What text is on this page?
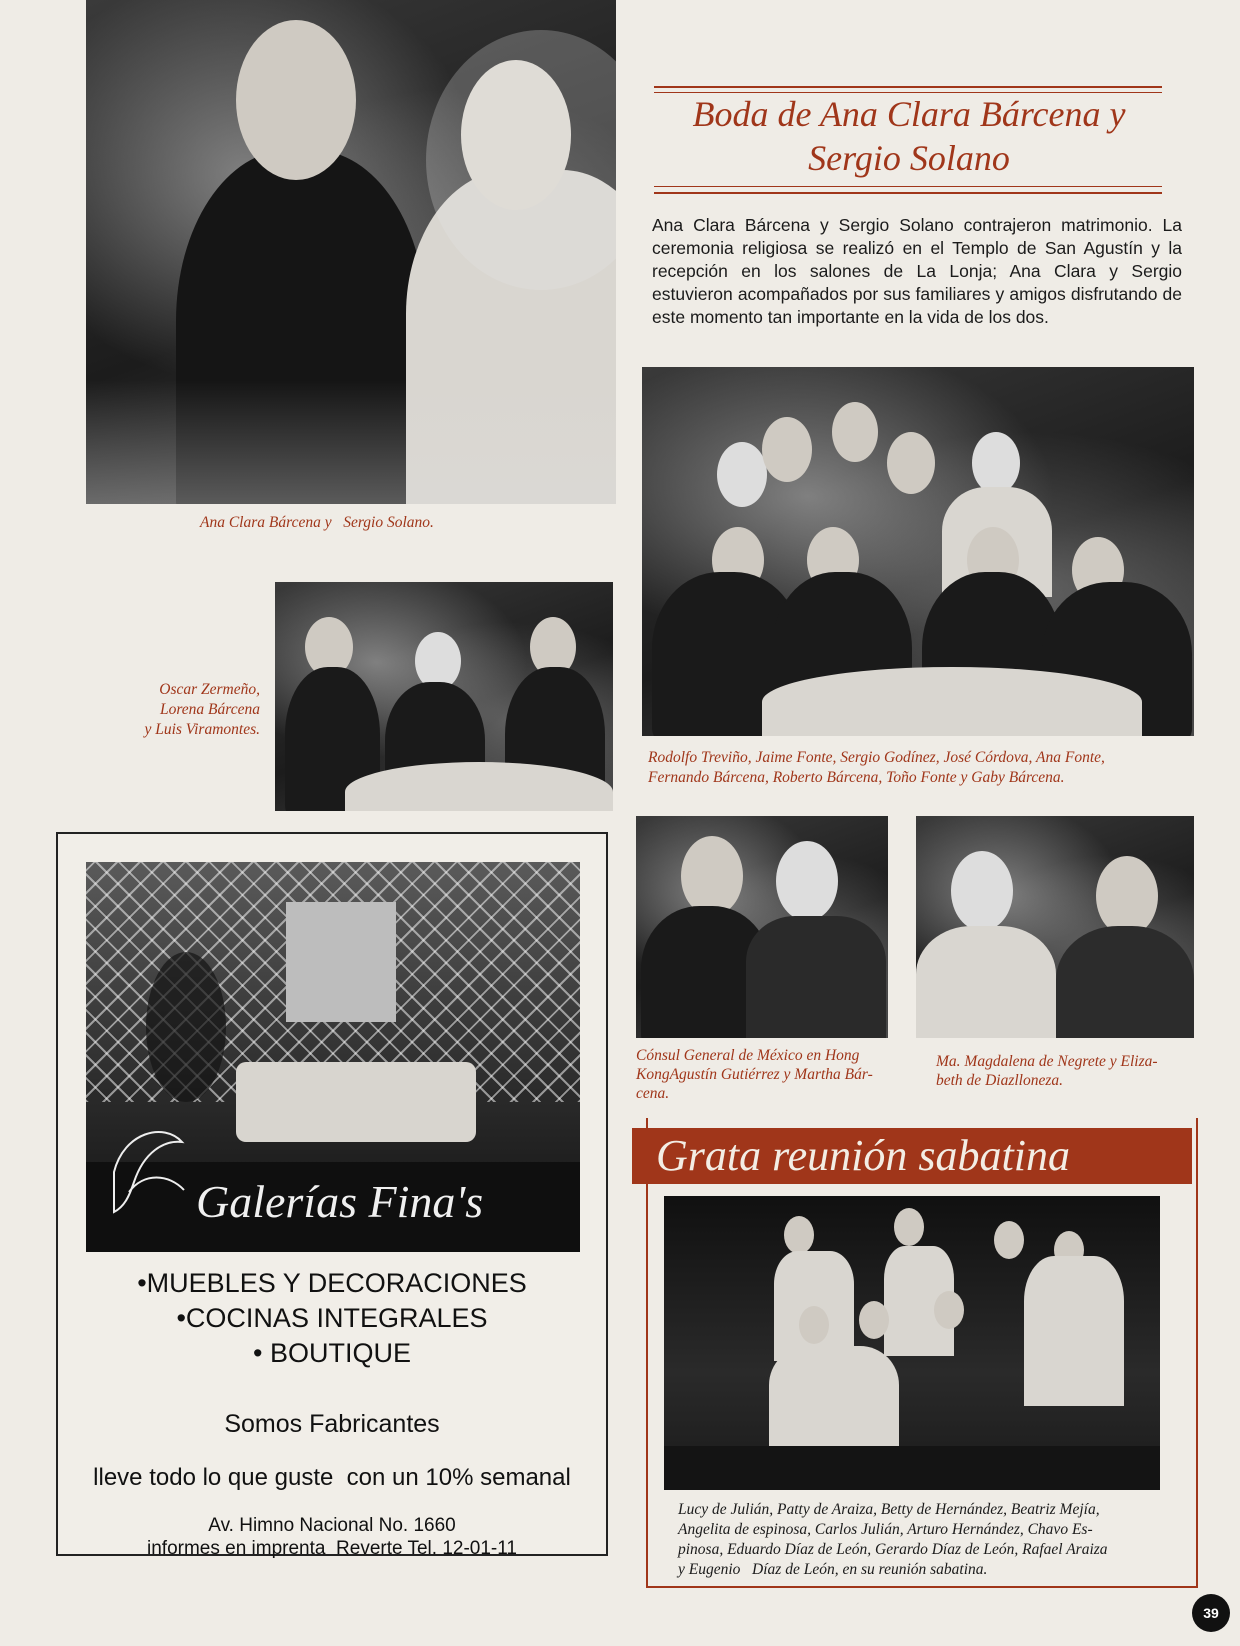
Ana Clara Bárcena y   Sergio Solano.
Boda de Ana Clara Bárcena y Sergio Solano
Ana Clara Bárcena y Sergio Solano contrajeron matrimonio. La ceremonia religiosa se realizó en el Templo de San Agustín y la recepción en los salones de La Lonja; Ana Clara y Sergio estuvieron acompañados por sus familiares y amigos disfrutando de este momento tan importante en la vida de los dos.
Oscar Zermeño,
Lorena Bárcena
y Luis Viramontes.
Rodolfo Treviño, Jaime Fonte, Sergio Godínez, José Córdova, Ana Fonte,
Fernando Bárcena, Roberto Bárcena, Toño Fonte y Gaby Bárcena.
Cónsul General de México en Hong
KongAgustín Gutiérrez y Martha Bár-
cena.
Ma. Magdalena de Negrete y Eliza-
beth de Diazlloneza.
Galerías Fina's
•MUEBLES Y DECORACIONES
•COCINAS INTEGRALES
• BOUTIQUE
Somos Fabricantes
lleve todo lo que guste  con un 10% semanal
Av. Himno Nacional No. 1660
informes en imprenta  Reverte Tel. 12-01-11
Grata reunión sabatina
Lucy de Julián, Patty de Araiza, Betty de Hernández, Beatriz Mejía,
Angelita de espinosa, Carlos Julián, Arturo Hernández, Chavo Es-
pinosa, Eduardo Díaz de León, Gerardo Díaz de León, Rafael Araiza
y Eugenio   Díaz de León, en su reunión sabatina.
39
